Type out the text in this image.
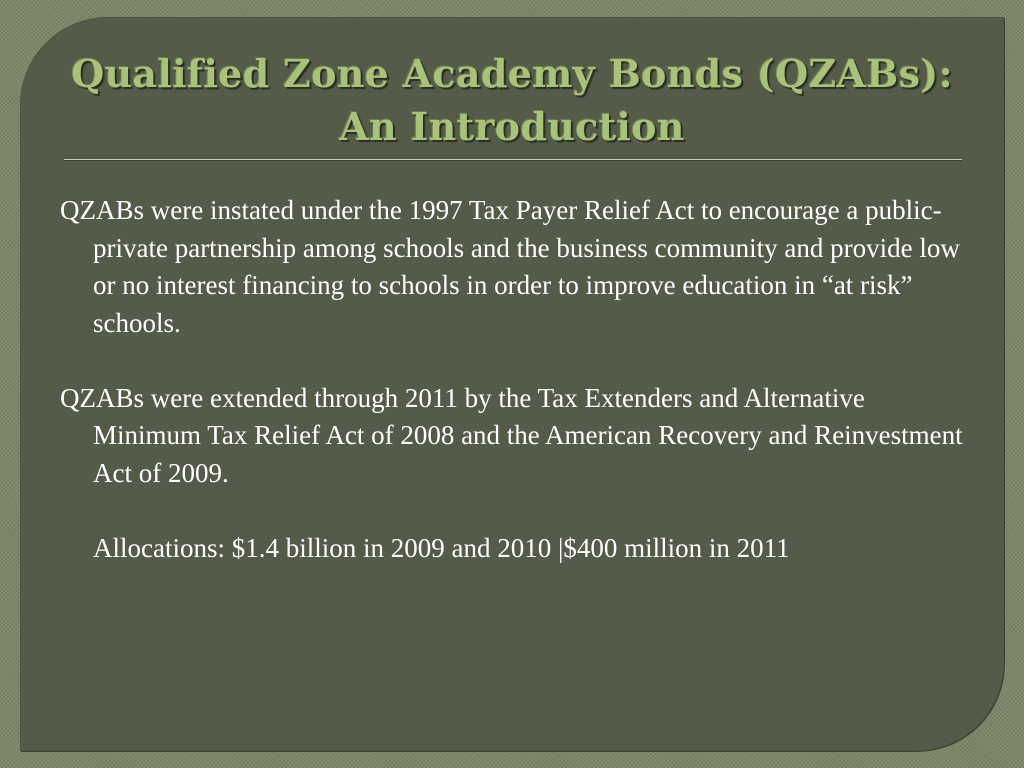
Qualified Zone Academy Bonds (QZABs):
An Introduction

QZABs were instated under the 1997 Tax Payer Relief Act to encourage a public-private partnership among schools and the business community and provide low or no interest financing to schools in order to improve education in “at risk” schools.

QZABs were extended through 2011 by the Tax Extenders and Alternative Minimum Tax Relief Act of 2008 and the American Recovery and Reinvestment Act of 2009.

Allocations: $1.4 billion in 2009 and 2010 |$400 million in 2011
